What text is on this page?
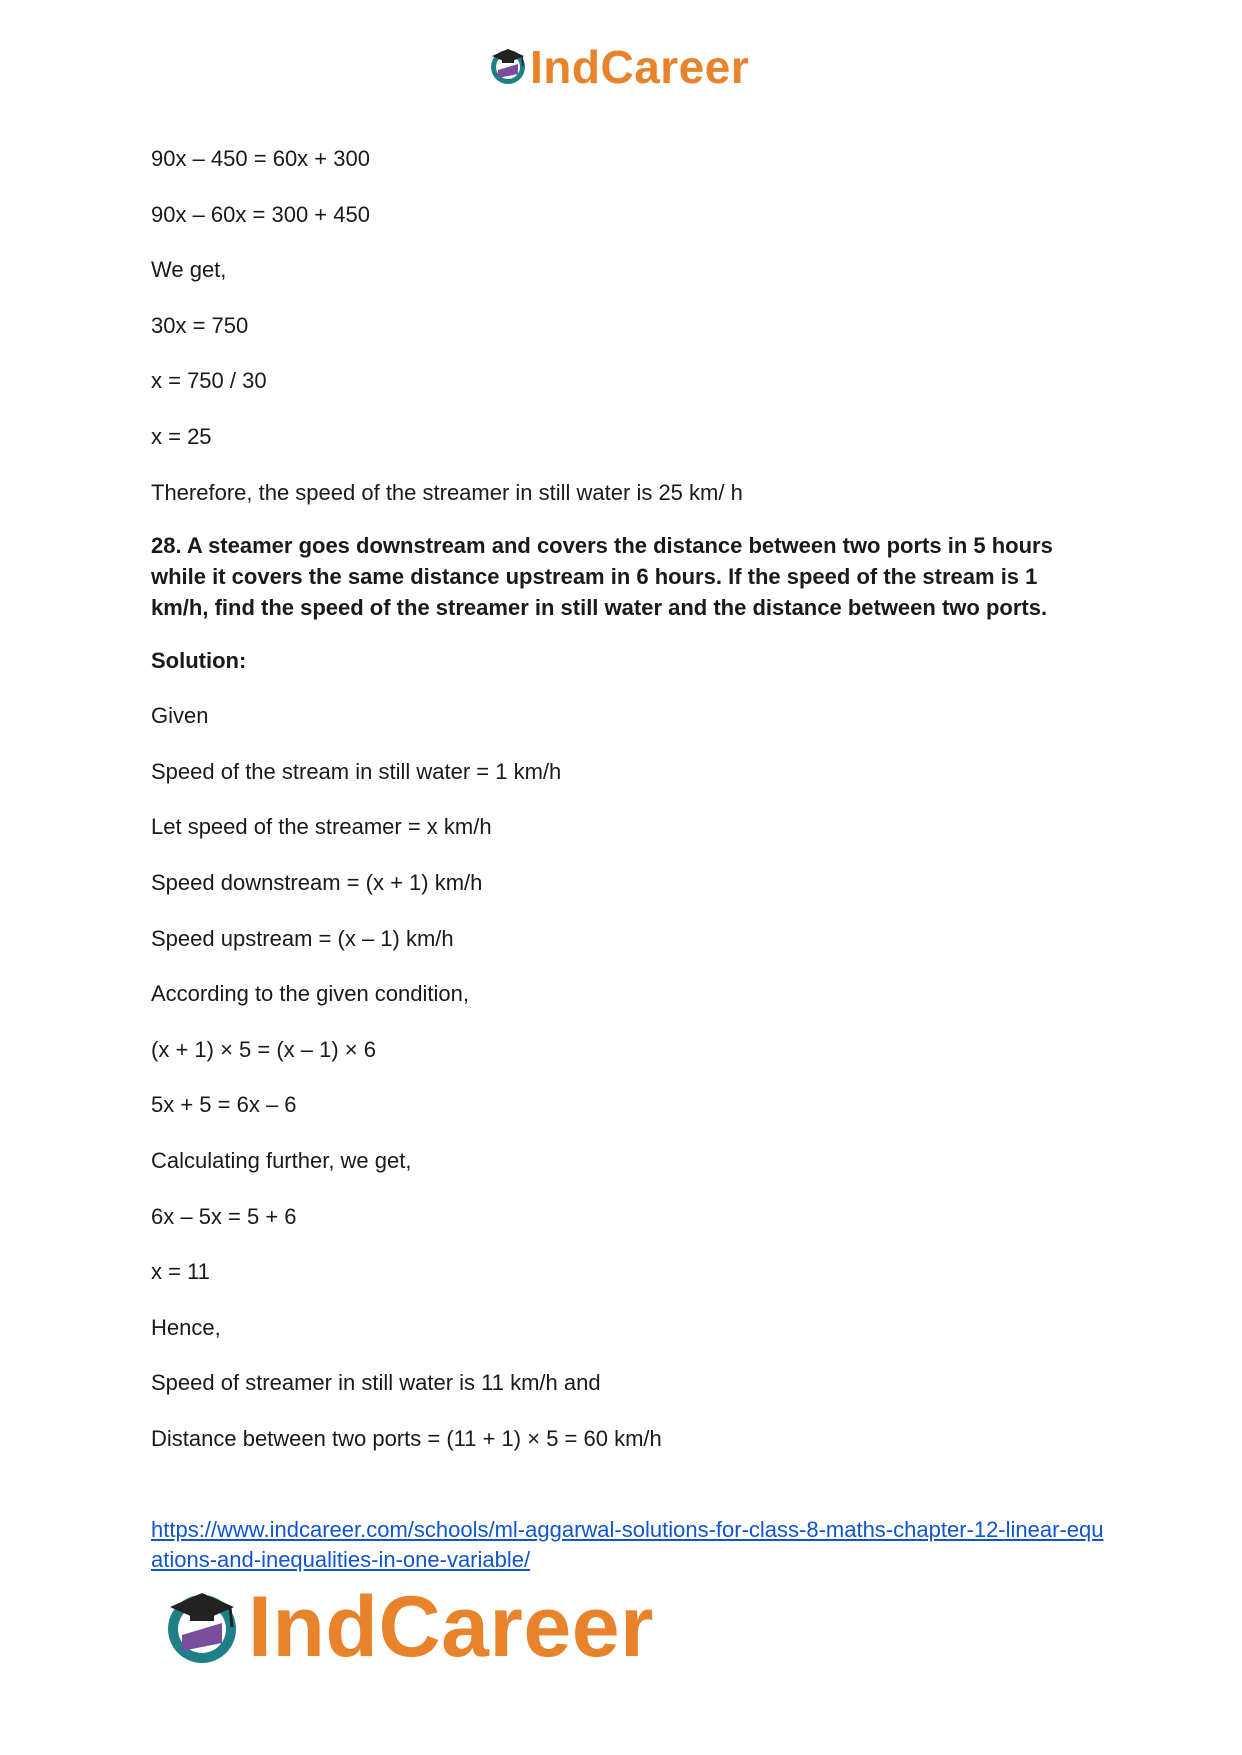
IndCareer

90x – 450 = 60x + 300

90x – 60x = 300 + 450

We get,

30x = 750

x = 750 / 30

x = 25

Therefore, the speed of the streamer in still water is 25 km/ h

28. A steamer goes downstream and covers the distance between two ports in 5 hours while it covers the same distance upstream in 6 hours. If the speed of the stream is 1 km/h, find the speed of the streamer in still water and the distance between two ports.

Solution:

Given

Speed of the stream in still water = 1 km/h

Let speed of the streamer = x km/h

Speed downstream = (x + 1) km/h

Speed upstream = (x – 1) km/h

According to the given condition,

(x + 1) × 5 = (x – 1) × 6

5x + 5 = 6x – 6

Calculating further, we get,

6x – 5x = 5 + 6

x = 11

Hence,

Speed of streamer in still water is 11 km/h and

Distance between two ports = (11 + 1) × 5 = 60 km/h

https://www.indcareer.com/schools/ml-aggarwal-solutions-for-class-8-maths-chapter-12-linear-equations-and-inequalities-in-one-variable/
IndCareer
